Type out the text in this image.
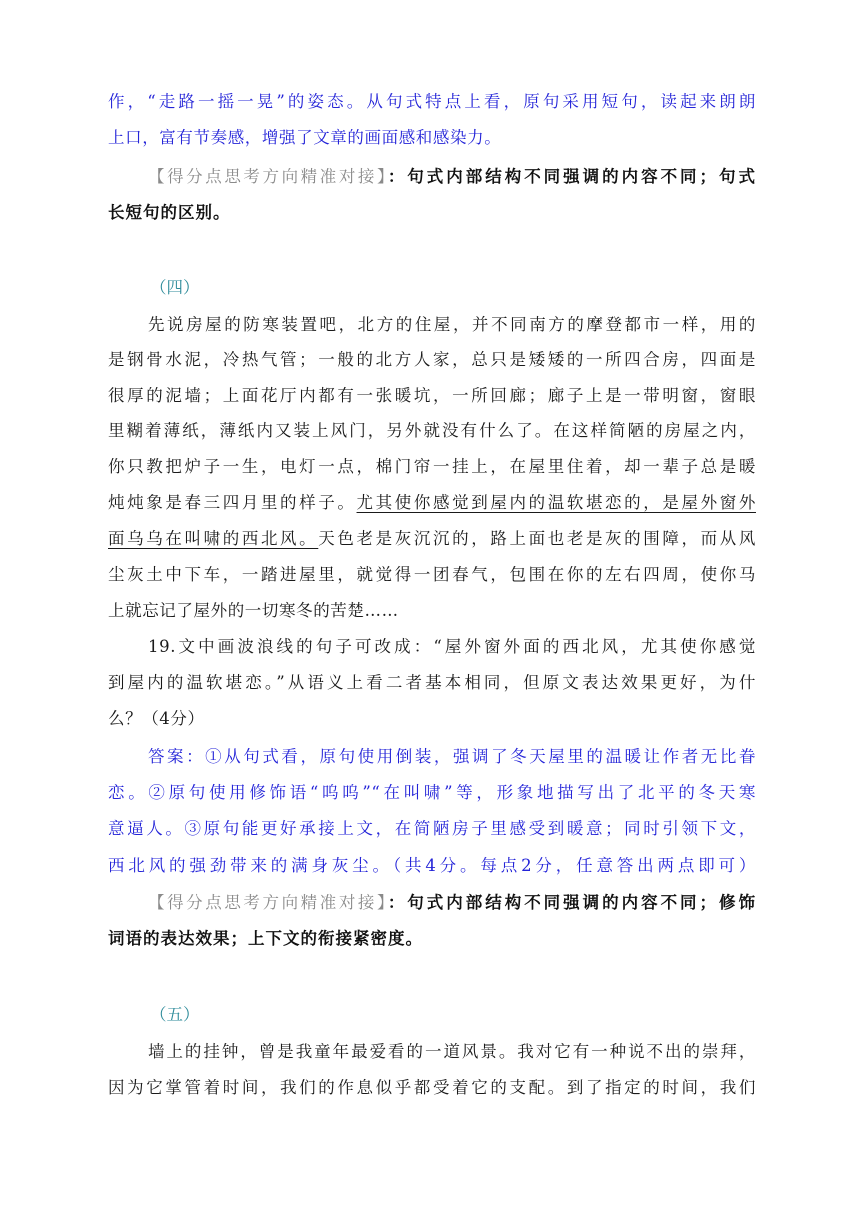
作，“走路一摇一晃”的姿态。从句式特点上看，原句采用短句，读起来朗朗
上口，富有节奏感，增强了文章的画面感和感染力。
【得分点思考方向精准对接】：句式内部结构不同强调的内容不同；句式
长短句的区别。
（四）
先说房屋的防寒装置吧，北方的住屋，并不同南方的摩登都市一样，用的
是钢骨水泥，冷热气管；一般的北方人家，总只是矮矮的一所四合房，四面是
很厚的泥墙；上面花厅内都有一张暖坑，一所回廊；廊子上是一带明窗，窗眼
里糊着薄纸，薄纸内又装上风门，另外就没有什么了。在这样简陋的房屋之内，
你只教把炉子一生，电灯一点，棉门帘一挂上，在屋里住着，却一辈子总是暖
炖炖象是春三四月里的样子。尤其使你感觉到屋内的温软堪恋的，是屋外窗外
面乌乌在叫啸的西北风。天色老是灰沉沉的，路上面也老是灰的围障，而从风
尘灰土中下车，一踏进屋里，就觉得一团春气，包围在你的左右四周，使你马
上就忘记了屋外的一切寒冬的苦楚……
19.文中画波浪线的句子可改成：“屋外窗外面的西北风，尤其使你感觉
到屋内的温软堪恋。”从语义上看二者基本相同，但原文表达效果更好，为什
么？（4分）
答案：①从句式看，原句使用倒装，强调了冬天屋里的温暖让作者无比眷
恋。②原句使用修饰语“呜呜”“在叫啸”等，形象地描写出了北平的冬天寒
意逼人。③原句能更好承接上文，在简陋房子里感受到暖意；同时引领下文，
西北风的强劲带来的满身灰尘。（共4分。每点2分，任意答出两点即可）
【得分点思考方向精准对接】：句式内部结构不同强调的内容不同；修饰
词语的表达效果；上下文的衔接紧密度。
（五）
墙上的挂钟，曾是我童年最爱看的一道风景。我对它有一种说不出的崇拜，
因为它掌管着时间，我们的作息似乎都受着它的支配。到了指定的时间，我们
